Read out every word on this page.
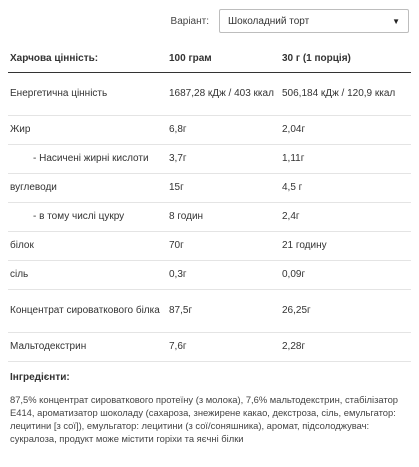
Варіант: Шоколадний торт	▼
Харчова цінність:	100 грам	30 г (1 порція)
Енергетична цінність	1687,28 кДж / 403 ккал	506,184 кДж / 120,9 ккал
Жир	6,8г	2,04г
- Насичені жирні кислоти	3,7г	1,11г
вуглеводи	15г	4,5 г
- в тому числі цукру	8 годин	2,4г
білок	70г	21 годину
сіль	0,3г	0,09г
Концентрат сироваткового білка	87,5г	26,25г
Мальтодекстрин	7,6г	2,28г
Інгредієнти:
87,5% концентрат сироваткового протеїну (з молока), 7,6% мальтодекстрин, стабілізатор Е414, ароматизатор шоколаду (сахароза, знежирене какао, декстроза, сіль, емульгатор: лецитини [з сої]), емульгатор: лецитини (з сої/соняшника), аромат, підсолоджувач: сукралоза, продукт може містити горіхи та яєчні білки
